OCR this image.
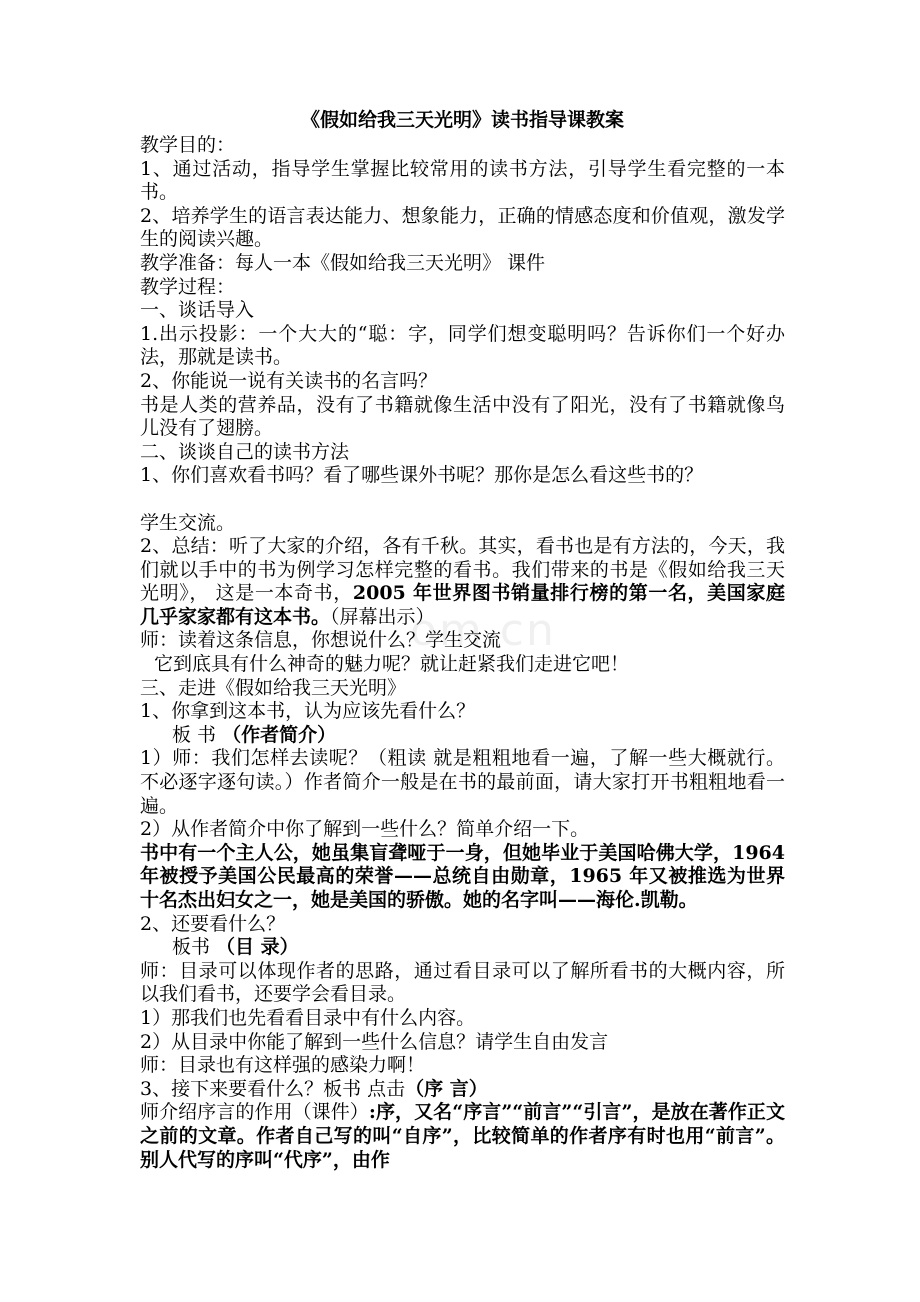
om.cn
《假如给我三天光明》读书指导课教案
教学目的：
1、通过活动，指导学生掌握比较常用的读书方法，引导学生看完整的一本书。
2、培养学生的语言表达能力、想象能力，正确的情感态度和价值观，激发学生的阅读兴趣。
教学准备：每人一本《假如给我三天光明》 课件
教学过程：
一、谈话导入
1.出示投影：一个大大的“聪：字，同学们想变聪明吗？告诉你们一个好办法，那就是读书。
2、你能说一说有关读书的名言吗？
书是人类的营养品，没有了书籍就像生活中没有了阳光，没有了书籍就像鸟儿没有了翅膀。
二、谈谈自己的读书方法
1、你们喜欢看书吗？看了哪些课外书呢？那你是怎么看这些书的？
学生交流。
2、总结：听了大家的介绍，各有千秋。其实，看书也是有方法的，今天，我们就以手中的书为例学习怎样完整的看书。我们带来的书是《假如给我三天光明》， 这是一本奇书，2005 年世界图书销量排行榜的第一名，美国家庭几乎家家都有这本书。（屏幕出示）
师：读着这条信息，你想说什么？学生交流
它到底具有什么神奇的魅力呢？就让赶紧我们走进它吧！
三、走进《假如给我三天光明》
1、你拿到这本书，认为应该先看什么？
板 书 （作者简介）
1）师：我们怎样去读呢？（粗读 就是粗粗地看一遍，了解一些大概就行。不必逐字逐句读。）作者简介一般是在书的最前面，请大家打开书粗粗地看一遍。
2）从作者简介中你了解到一些什么？简单介绍一下。
书中有一个主人公，她虽集盲聋哑于一身，但她毕业于美国哈佛大学，1964 年被授予美国公民最高的荣誉——总统自由勋章，1965 年又被推选为世界十名杰出妇女之一，她是美国的骄傲。她的名字叫——海伦.凯勒。
2、还要看什么？
板书 （目 录）
师：目录可以体现作者的思路，通过看目录可以了解所看书的大概内容，所以我们看书，还要学会看目录。
1）那我们也先看看目录中有什么内容。
2）从目录中你能了解到一些什么信息？请学生自由发言
师：目录也有这样强的感染力啊！
3、接下来要看什么？板书 点击（序 言）
师介绍序言的作用（课件）:序，又名“序言”“前言”“引言”，是放在著作正文之前的文章。作者自己写的叫“自序”，比较简单的作者序有时也用“前言”。别人代写的序叫“代序”，由作
